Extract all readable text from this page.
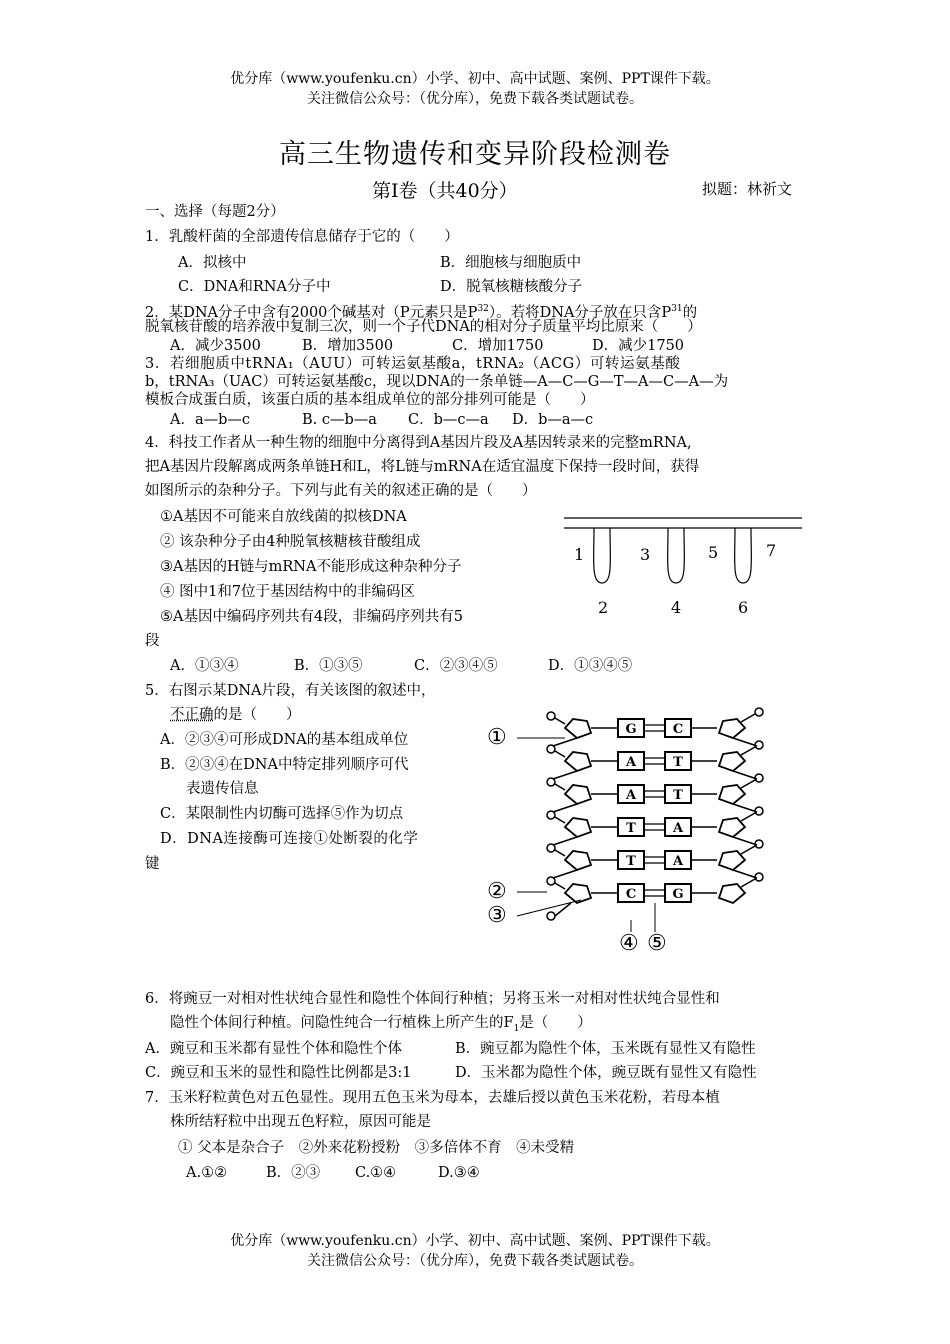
优分库（www.youfenku.cn）小学、初中、高中试题、案例、PPT课件下载。
关注微信公众号：（优分库），免费下载各类试题试卷。
高三生物遗传和变异阶段检测卷
第Ⅰ卷（共40分）	拟题：林祈文
一、选择（每题2分）
1．乳酸杆菌的全部遗传信息储存于它的（　　）
A．拟核中	B．细胞核与细胞质中
C．DNA和RNA分子中	D．脱氧核糖核酸分子
2．某DNA分子中含有2000个碱基对（P元素只是$P^{32}$）。若将DNA分子放在只含$P^{31}$的
脱氧核苷酸的培养液中复制三次，则一个子代DNA的相对分子质量平均比原来（　　）
A．减少3500	B．增加3500	C．增加1750	D．减少1750
3．若细胞质中tRNA₁（AUU）可转运氨基酸a，tRNA₂（ACG）可转运氨基酸
b，tRNA₃（UAC）可转运氨基酸c，现以DNA的一条单链—A—C—G—T—A—C—A—为
模板合成蛋白质，该蛋白质的基本组成单位的部分排列可能是（　　）
A．a—b—c	B. c—b—a C．b—c—a D．b—a—c
4．科技工作者从一种生物的细胞中分离得到A基因片段及A基因转录来的完整mRNA,
把A基因片段解离成两条单链H和L，将L链与mRNA在适宜温度下保持一段时间，获得
如图所示的杂种分子。下列与此有关的叙述正确的是（　　）
①A基因不可能来自放线菌的拟核DNA
② 该杂种分子由4种脱氧核糖核苷酸组成
③A基因的H链与mRNA不能形成这种杂种分子
④ 图中1和7位于基因结构中的非编码区
⑤A基因中编码序列共有4段，非编码序列共有5
段
A．①③④	B．①③⑤	C．②③④⑤	D．①③④⑤
1	3	5	7
2	4	6
5．右图示某DNA片段，有关该图的叙述中，
不正确的是（　　）
A．②③④可形成DNA的基本组成单位
B．②③④在DNA中特定排列顺序可代
表遗传信息
C．某限制性内切酶可选择⑤作为切点
D．DNA连接酶可连接①处断裂的化学
键
G	C
A	T
A	T
T	A
T	A
C	G
①
②
③
④ ⑤
6．将豌豆一对相对性状纯合显性和隐性个体间行种植；另将玉米一对相对性状纯合显性和
隐性个体间行种植。问隐性纯合一行植株上所产生的$F_1$是（　　）
A．豌豆和玉米都有显性个体和隐性个体	B．豌豆都为隐性个体，玉米既有显性又有隐性
C．豌豆和玉米的显性和隐性比例都是3:1	D．玉米都为隐性个体，豌豆既有显性又有隐性
7．玉米籽粒黄色对五色显性。现用五色玉米为母本，去雄后授以黄色玉米花粉，若母本植
株所结籽粒中出现五色籽粒，原因可能是
① 父本是杂合子　②外来花粉授粉　③多倍体不育　④未受精
A.①②	B．②③ C.①④	D.③④
优分库（www.youfenku.cn）小学、初中、高中试题、案例、PPT课件下载。
关注微信公众号：（优分库），免费下载各类试题试卷。
